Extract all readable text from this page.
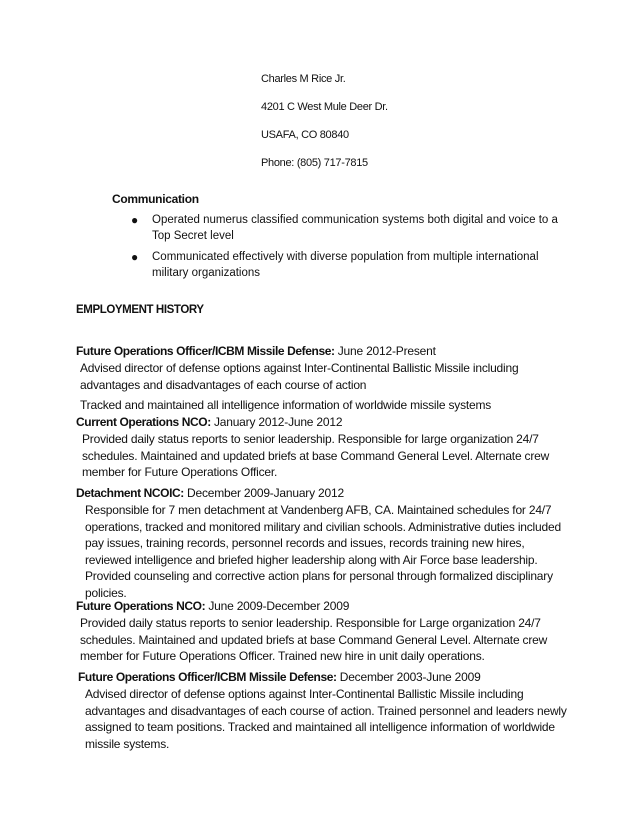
Charles M Rice Jr.
4201 C West Mule Deer Dr.
USAFA, CO 80840
Phone: (805) 717-7815
Communication
● Operated numerus classified communication systems both digital and voice to a Top Secret level
● Communicated effectively with diverse population from multiple international military organizations
EMPLOYMENT HISTORY
Future Operations Officer/ICBM Missile Defense: June 2012-Present

Advised director of defense options against Inter-Continental Ballistic Missile including advantages and disadvantages of each course of action

Tracked and maintained all intelligence information of worldwide missile systems

Current Operations NCO: January 2012-June 2012

Provided daily status reports to senior leadership. Responsible for large organization 24/7 schedules. Maintained and updated briefs at base Command General Level. Alternate crew member for Future Operations Officer.

Detachment NCOIC: December 2009-January 2012

Responsible for 7 men detachment at Vandenberg AFB, CA. Maintained schedules for 24/7 operations, tracked and monitored military and civilian schools. Administrative duties included pay issues, training records, personnel records and issues, records training new hires, reviewed intelligence and briefed higher leadership along with Air Force base leadership. Provided counseling and corrective action plans for personal through formalized disciplinary policies.

Future Operations NCO: June 2009-December 2009

Provided daily status reports to senior leadership. Responsible for Large organization 24/7 schedules. Maintained and updated briefs at base Command General Level. Alternate crew member for Future Operations Officer. Trained new hire in unit daily operations.

Future Operations Officer/ICBM Missile Defense: December 2003-June 2009

Advised director of defense options against Inter-Continental Ballistic Missile including advantages and disadvantages of each course of action. Trained personnel and leaders newly assigned to team positions. Tracked and maintained all intelligence information of worldwide missile systems.
